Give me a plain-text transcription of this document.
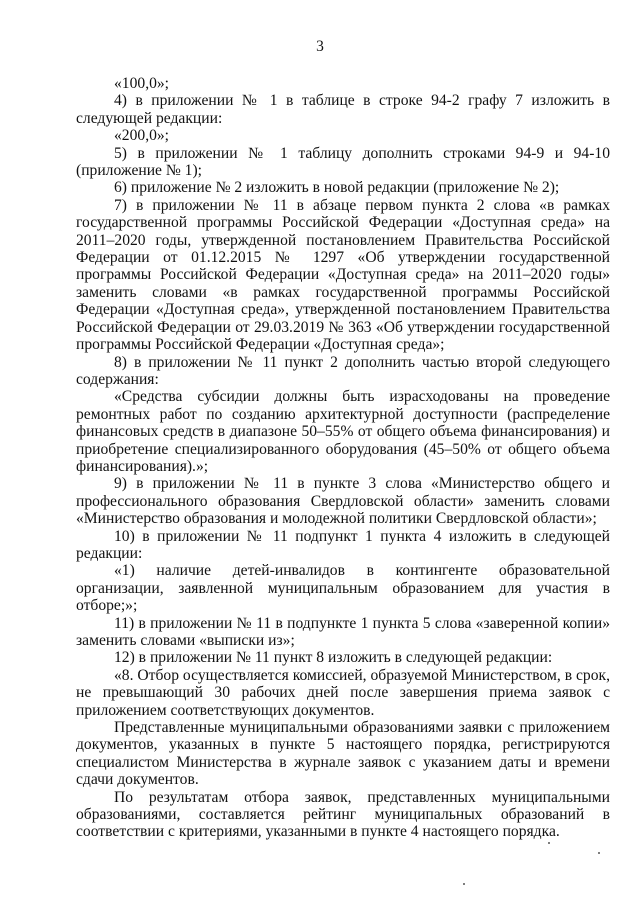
3

«100,0»;

4) в приложении № 1 в таблице в строке 94-2 графу 7 изложить в следующей редакции:

«200,0»;

5) в приложении № 1 таблицу дополнить строками 94-9 и 94-10 (приложение № 1);

6) приложение № 2 изложить в новой редакции (приложение № 2);

7) в приложении № 11 в абзаце первом пункта 2 слова «в рамках государственной программы Российской Федерации «Доступная среда» на 2011–2020 годы, утвержденной постановлением Правительства Российской Федерации от 01.12.2015 № 1297 «Об утверждении государственной программы Российской Федерации «Доступная среда» на 2011–2020 годы» заменить словами «в рамках государственной программы Российской Федерации «Доступная среда», утвержденной постановлением Правительства Российской Федерации от 29.03.2019 № 363 «Об утверждении государственной программы Российской Федерации «Доступная среда»;

8) в приложении № 11 пункт 2 дополнить частью второй следующего содержания:

«Средства субсидии должны быть израсходованы на проведение ремонтных работ по созданию архитектурной доступности (распределение финансовых средств в диапазоне 50–55% от общего объема финансирования) и приобретение специализированного оборудования (45–50% от общего объема финансирования).»;

9) в приложении № 11 в пункте 3 слова «Министерство общего и профессионального образования Свердловской области» заменить словами «Министерство образования и молодежной политики Свердловской области»;

10) в приложении № 11 подпункт 1 пункта 4 изложить в следующей редакции:

«1) наличие детей-инвалидов в контингенте образовательной организации, заявленной муниципальным образованием для участия в отборе;»;

11) в приложении № 11 в подпункте 1 пункта 5 слова «заверенной копии» заменить словами «выписки из»;

12) в приложении № 11 пункт 8 изложить в следующей редакции:

«8. Отбор осуществляется комиссией, образуемой Министерством, в срок, не превышающий 30 рабочих дней после завершения приема заявок с приложением соответствующих документов.

Представленные муниципальными образованиями заявки с приложением документов, указанных в пункте 5 настоящего порядка, регистрируются специалистом Министерства в журнале заявок с указанием даты и времени сдачи документов.

По результатам отбора заявок, представленных муниципальными образованиями, составляется рейтинг муниципальных образований в соответствии с критериями, указанными в пункте 4 настоящего порядка.
